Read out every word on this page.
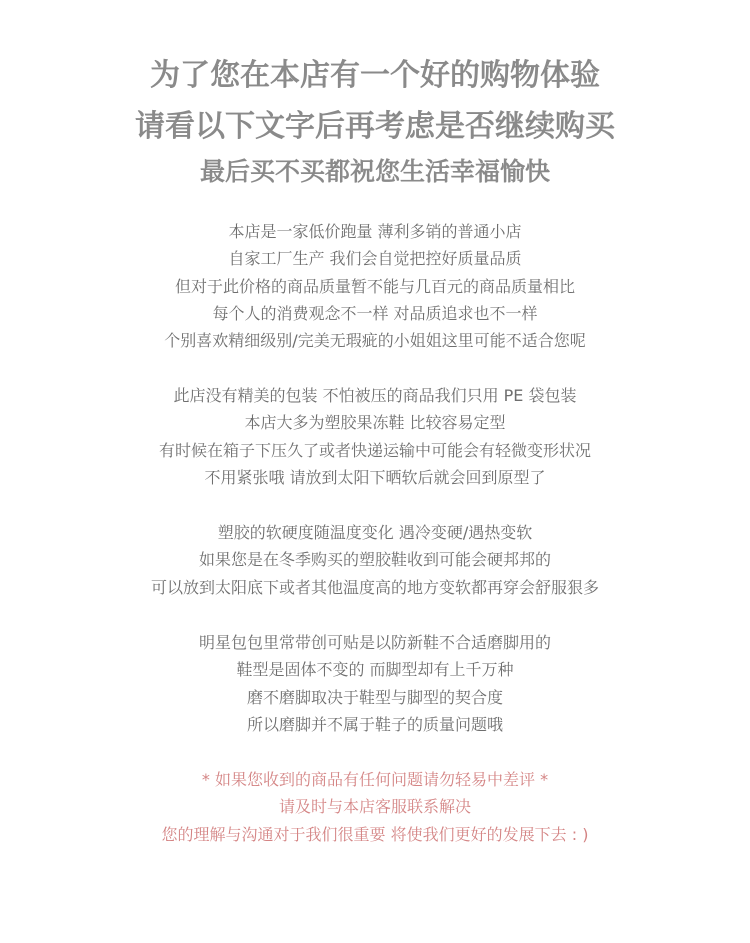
为了您在本店有一个好的购物体验
请看以下文字后再考虑是否继续购买
最后买不买都祝您生活幸福愉快
本店是一家低价跑量 薄利多销的普通小店
自家工厂生产 我们会自觉把控好质量品质
但对于此价格的商品质量暂不能与几百元的商品质量相比
每个人的消费观念不一样 对品质追求也不一样
个别喜欢精细级别/完美无瑕疵的小姐姐这里可能不适合您呢
此店没有精美的包装 不怕被压的商品我们只用 PE 袋包装
本店大多为塑胶果冻鞋 比较容易定型
有时候在箱子下压久了或者快递运输中可能会有轻微变形状况
不用紧张哦 请放到太阳下晒软后就会回到原型了
塑胶的软硬度随温度变化 遇冷变硬/遇热变软
如果您是在冬季购买的塑胶鞋收到可能会硬邦邦的
可以放到太阳底下或者其他温度高的地方变软都再穿会舒服狠多
明星包包里常带创可贴是以防新鞋不合适磨脚用的
鞋型是固体不变的 而脚型却有上千万种
磨不磨脚取决于鞋型与脚型的契合度
所以磨脚并不属于鞋子的质量问题哦
* 如果您收到的商品有任何问题请勿轻易中差评 *
请及时与本店客服联系解决
您的理解与沟通对于我们很重要 将使我们更好的发展下去 : )
